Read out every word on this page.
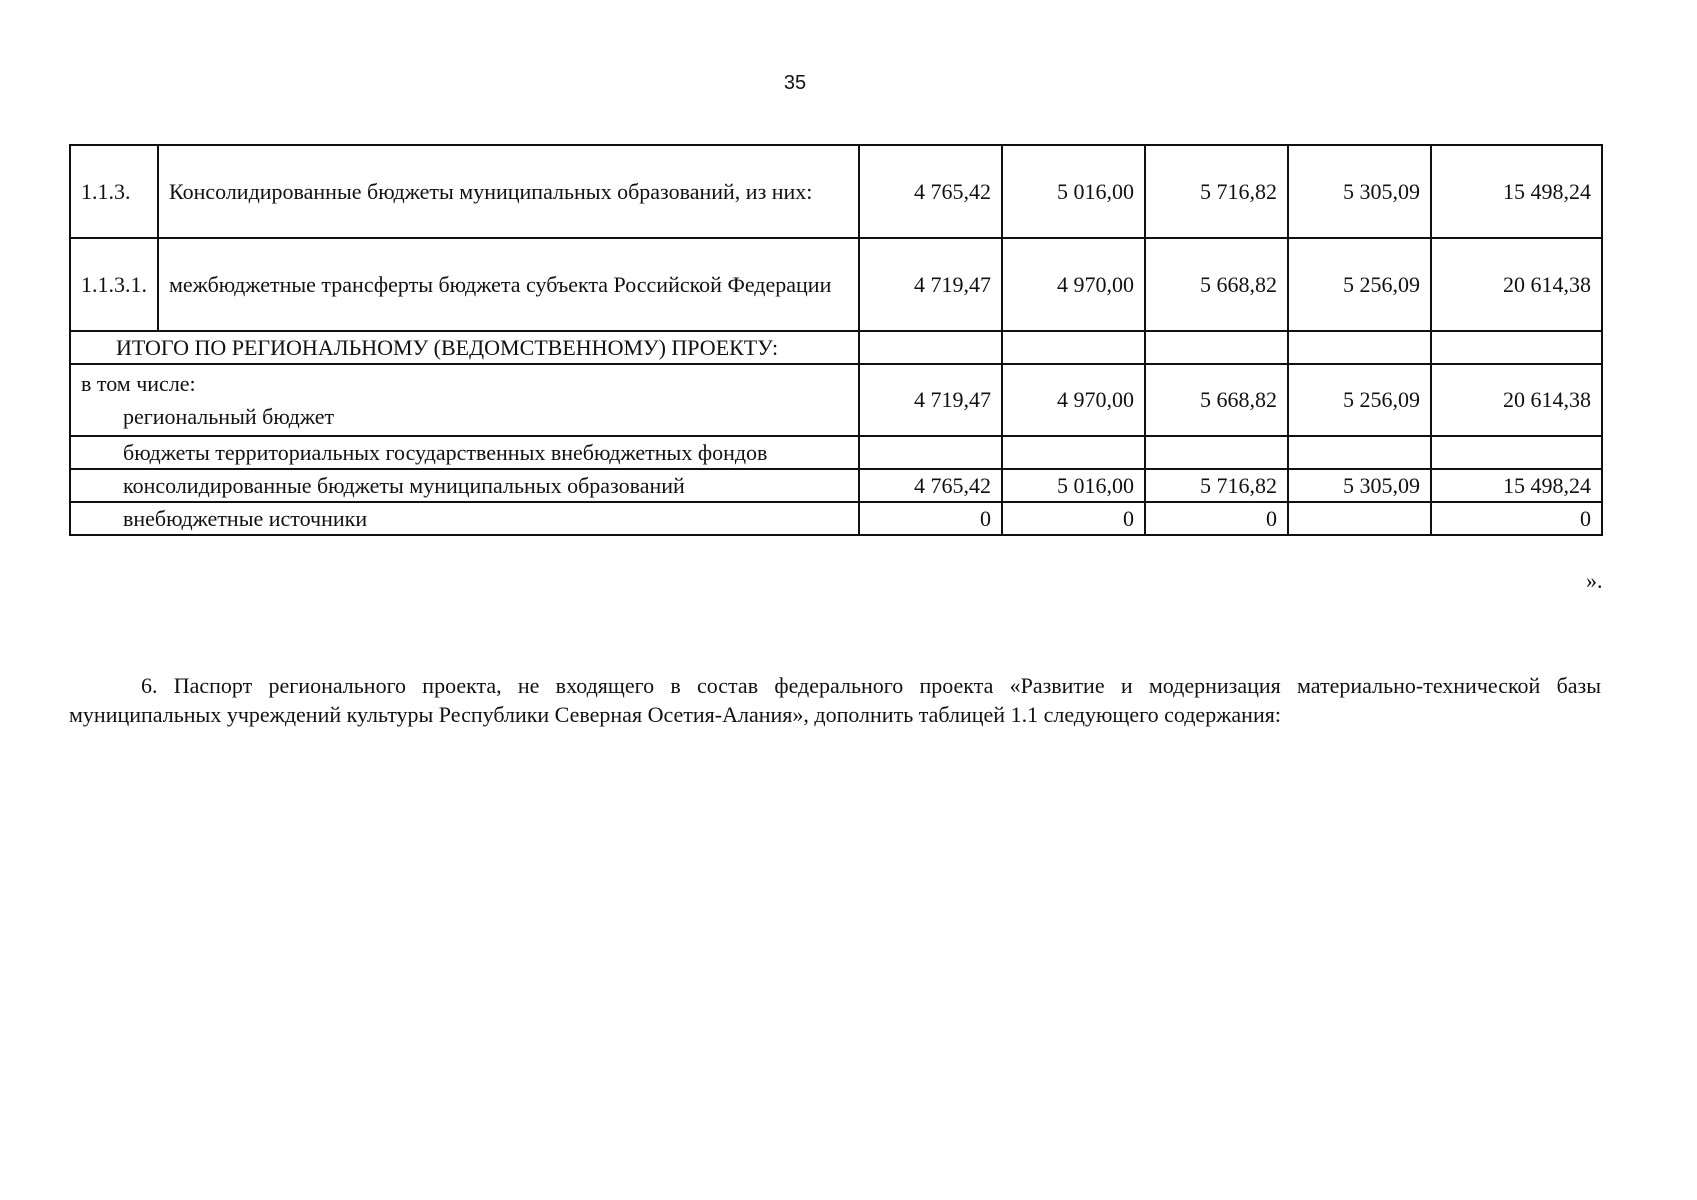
35
1.1.3.	Консолидированные бюджеты муниципальных образований, из них:	4 765,42	5 016,00	5 716,82	5 305,09	15 498,24
1.1.3.1.	межбюджетные трансферты бюджета субъекта Российской Федерации	4 719,47	4 970,00	5 668,82	5 256,09	20 614,38
ИТОГО ПО РЕГИОНАЛЬНОМУ (ВЕДОМСТВЕННОМУ) ПРОЕКТУ:						

в том числе:
региональный бюджет		4 719,47	4 970,00	5 668,82	5 256,09	20 614,38
бюджеты территориальных государственных внебюджетных фондов						
консолидированные бюджеты муниципальных образований		4 765,42	5 016,00	5 716,82	5 305,09	15 498,24
внебюджетные источники		0	0	0		0
».

6. Паспорт регионального проекта, не входящего в состав федерального проекта «Развитие и модернизация материально-технической базы муниципальных учреждений культуры Республики Северная Осетия-Алания», дополнить таблицей 1.1 следующего содержания:
